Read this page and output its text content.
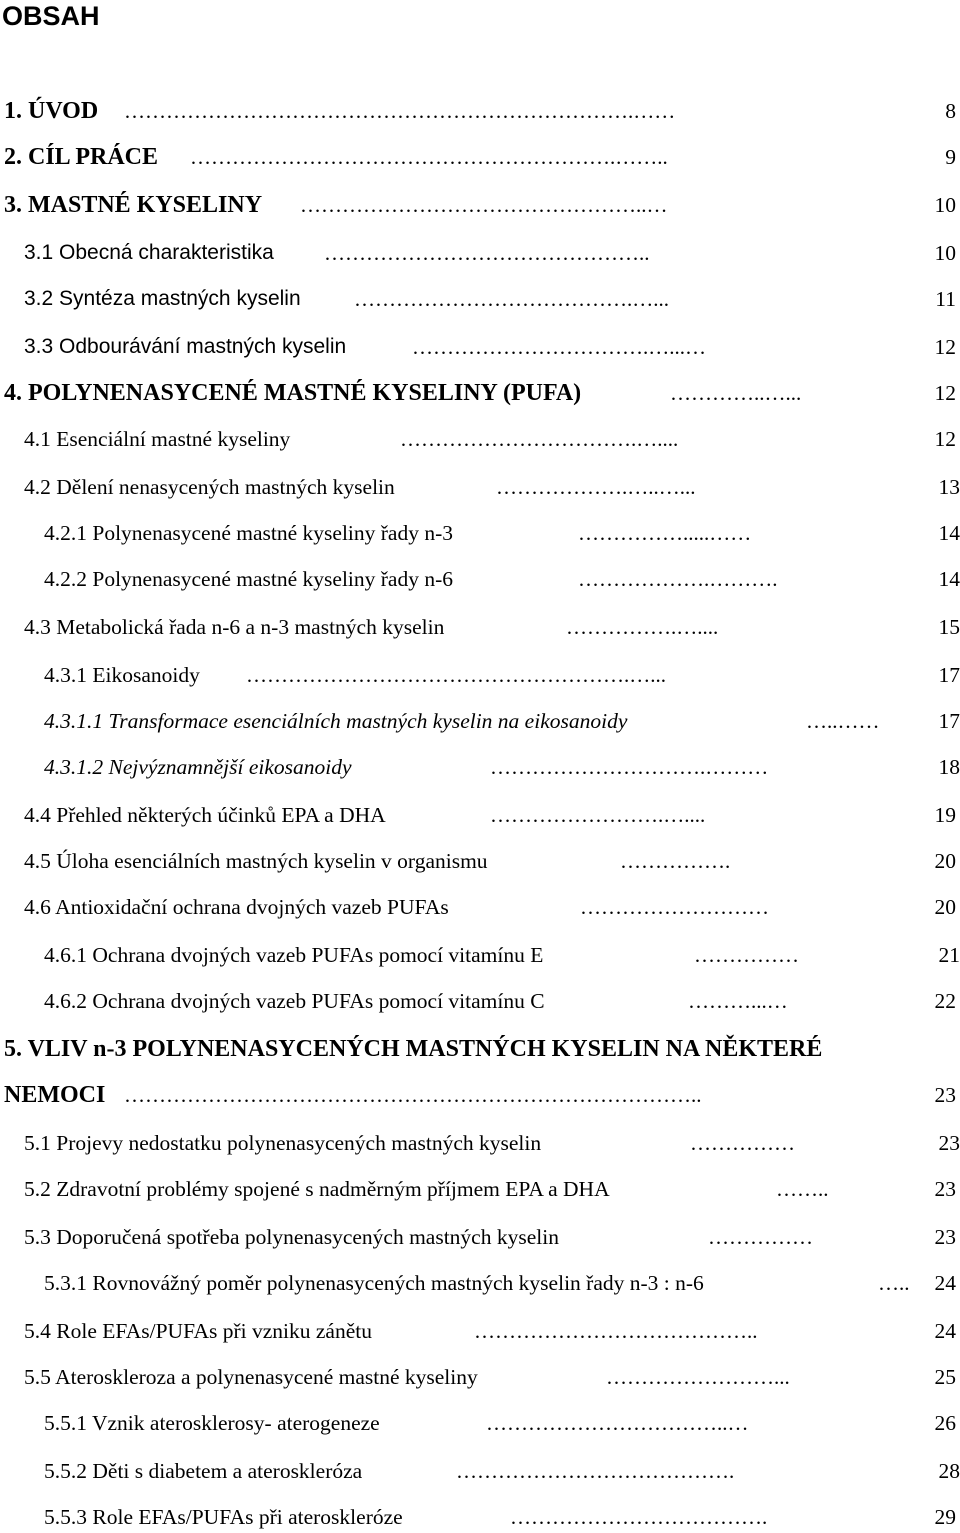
OBSAH
1. ÚVOD ……………………………………………………………….……	8
2. CÍL PRÁCE …………………………………………………….……..	9
3. MASTNÉ KYSELINY …………………………………………..…	10
3.1 Obecná charakteristika ………………………………………..	10
3.2 Syntéza mastných kyselin	………………………………….…...	11
3.3 Odbourávání mastných kyselin	…………………………….…...…	12
4. POLYNENASYCENÉ MASTNÉ KYSELINY (PUFA)	…………..…...	12
4.1 Esenciální mastné kyseliny	…………………………….…....	12
4.2 Dělení nenasycených mastných kyselin	……………….…..…...	13
4.2.1 Polynenasycené mastné kyseliny řady n-3	…………….....……	14
4.2.2 Polynenasycené mastné kyseliny řady n-6	……………….……….	14
4.3 Metabolická řada n-6 a n-3 mastných kyselin	…………….…....	15
4.3.1 Eikosanoidy ……………………………………………….…...	17
4.3.1.1 Transformace esenciálních mastných kyselin na eikosanoidy	…..……	17
4.3.1.2 Nejvýznamnější eikosanoidy	………………………….………	18
4.4 Přehled některých účinků EPA a DHA	…………………….…....	19
4.5 Úloha esenciálních mastných kyselin v organismu	…………….	20
4.6 Antioxidační ochrana dvojných vazeb PUFAs	………………………	20
4.6.1 Ochrana dvojných vazeb PUFAs pomocí vitamínu E	……………	21
4.6.2 Ochrana dvojných vazeb PUFAs pomocí vitamínu C	………...…	22
5. VLIV n-3 POLYNENASYCENÝCH MASTNÝCH KYSELIN NA NĚKTERÉ
NEMOCI ………………………………………………………………………..	23
5.1 Projevy nedostatku polynenasycených mastných kyselin	……………	23
5.2 Zdravotní problémy spojené s nadměrným příjmem EPA a DHA	……..	23
5.3 Doporučená spotřeba polynenasycených mastných kyselin	……………	23
5.3.1 Rovnovážný poměr polynenasycených mastných kyselin řady n-3 : n-6	…..	24
5.4 Role EFAs/PUFAs při vzniku zánětu	…………………………………..	24
5.5 Ateroskleroza a polynenasycené mastné kyseliny	……………………...	25
5.5.1 Vznik aterosklerosy- aterogeneze	……………………………..…	26
5.5.2 Děti s diabetem a ateroskleróza	………………………………….	28
5.5.3 Role EFAs/PUFAs při ateroskleróze	……………………………….	29
